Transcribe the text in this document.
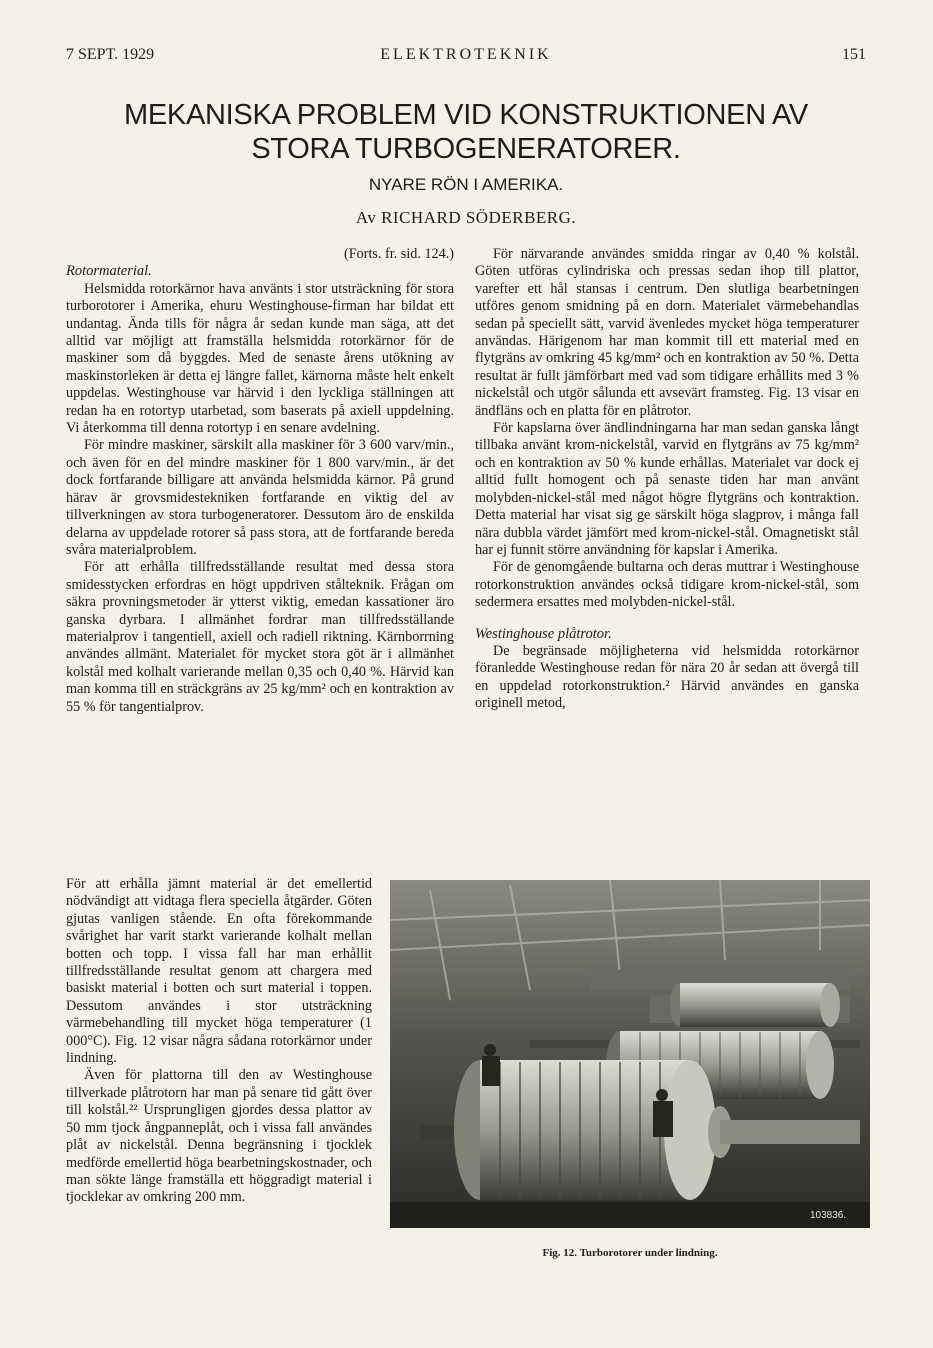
7 SEPT. 1929	ELEKTROTEKNIK	151
MEKANISKA PROBLEM VID KONSTRUKTIONEN AV
STORA TURBOGENERATORER.
NYARE RÖN I AMERIKA.
Av RICHARD SÖDERBERG.

(Forts. fr. sid. 124.)

Rotormaterial.

Helsmidda rotorkärnor hava använts i stor utsträckning för stora turborotorer i Amerika, ehuru Westinghouse-firman har bildat ett undantag. Ända tills för några år sedan kunde man säga, att det alltid var möjligt att framställa helsmidda rotorkärnor för de maskiner som då byggdes. Med de senaste årens utökning av maskinstorleken är detta ej längre fallet, kärnorna måste helt enkelt uppdelas. Westinghouse var härvid i den lyckliga ställningen att redan ha en rotortyp utarbetad, som baserats på axiell uppdelning. Vi återkomma till denna rotortyp i en senare avdelning.

För mindre maskiner, särskilt alla maskiner för 3 600 varv/min., och även för en del mindre maskiner för 1 800 varv/min., är det dock fortfarande billigare att använda helsmidda kärnor. På grund härav är grovsmidestekniken fortfarande en viktig del av tillverkningen av stora turbogeneratorer. Dessutom äro de enskilda delarna av uppdelade rotorer så pass stora, att de fortfarande bereda svåra materialproblem.

För att erhålla tillfredsställande resultat med dessa stora smidesstycken erfordras en högt uppdriven stålteknik. Frågan om säkra provningsmetoder är ytterst viktig, emedan kassationer äro ganska dyrbara. I allmänhet fordrar man tillfredsställande materialprov i tangentiell, axiell och radiell riktning. Kärnborrning användes allmänt. Materialet för mycket stora göt är i allmänhet kolstål med kolhalt varierande mellan 0,35 och 0,40 %. Härvid kan man komma till en sträckgräns av 25 kg/mm² och en kontraktion av 55 % för tangentialprov.

För att erhålla jämnt material är det emellertid nödvändigt att vidtaga flera speciella åtgärder. Göten gjutas vanligen stående. En ofta förekommande svårighet har varit starkt varierande kolhalt mellan botten och topp. I vissa fall har man erhållit tillfredsställande resultat genom att chargera med basiskt material i botten och surt material i toppen. Dessutom användes i stor utsträckning värmebehandling till mycket höga temperaturer (1 000°C). Fig. 12 visar några sådana rotorkärnor under lindning.

Även för plattorna till den av Westinghouse tillverkade plåtrotorn har man på senare tid gått över till kolstål.²² Ursprungligen gjordes dessa plattor av 50 mm tjock ångpanneplåt, och i vissa fall användes plåt av nickelstål. Denna begränsning i tjocklek medförde emellertid höga bearbetningskostnader, och man sökte länge framställa ett höggradigt material i tjocklekar av omkring 200 mm.

För närvarande användes smidda ringar av 0,40 % kolstål. Göten utföras cylindriska och pressas sedan ihop till plattor, varefter ett hål stansas i centrum. Den slutliga bearbetningen utföres genom smidning på en dorn. Materialet värmebehandlas sedan på speciellt sätt, varvid ävenledes mycket höga temperaturer användas. Härigenom har man kommit till ett material med en flytgräns av omkring 45 kg/mm² och en kontraktion av 50 %. Detta resultat är fullt jämförbart med vad som tidigare erhållits med 3 % nickelstål och utgör sålunda ett avsevärt framsteg. Fig. 13 visar en ändfläns och en platta för en plåtrotor.

För kapslarna över ändlindningarna har man sedan ganska långt tillbaka använt krom-nickelstål, varvid en flytgräns av 75 kg/mm² och en kontraktion av 50 % kunde erhållas. Materialet var dock ej alltid fullt homogent och på senaste tiden har man använt molybden-nickel-stål med något högre flytgräns och kontraktion. Detta material har visat sig ge särskilt höga slagprov, i många fall nära dubbla värdet jämfört med krom-nickel-stål. Omagnetiskt stål har ej funnit större användning för kapslar i Amerika.

För de genomgående bultarna och deras muttrar i Westinghouse rotorkonstruktion användes också tidigare krom-nickel-stål, som sedermera ersattes med molybden-nickel-stål.

Westinghouse plåtrotor.

De begränsade möjligheterna vid helsmidda rotorkärnor föranledde Westinghouse redan för nära 20 år sedan att övergå till en uppdelad rotorkonstruktion.² Härvid användes en ganska originell metod,

103836.
Fig. 12. Turborotorer under lindning.
